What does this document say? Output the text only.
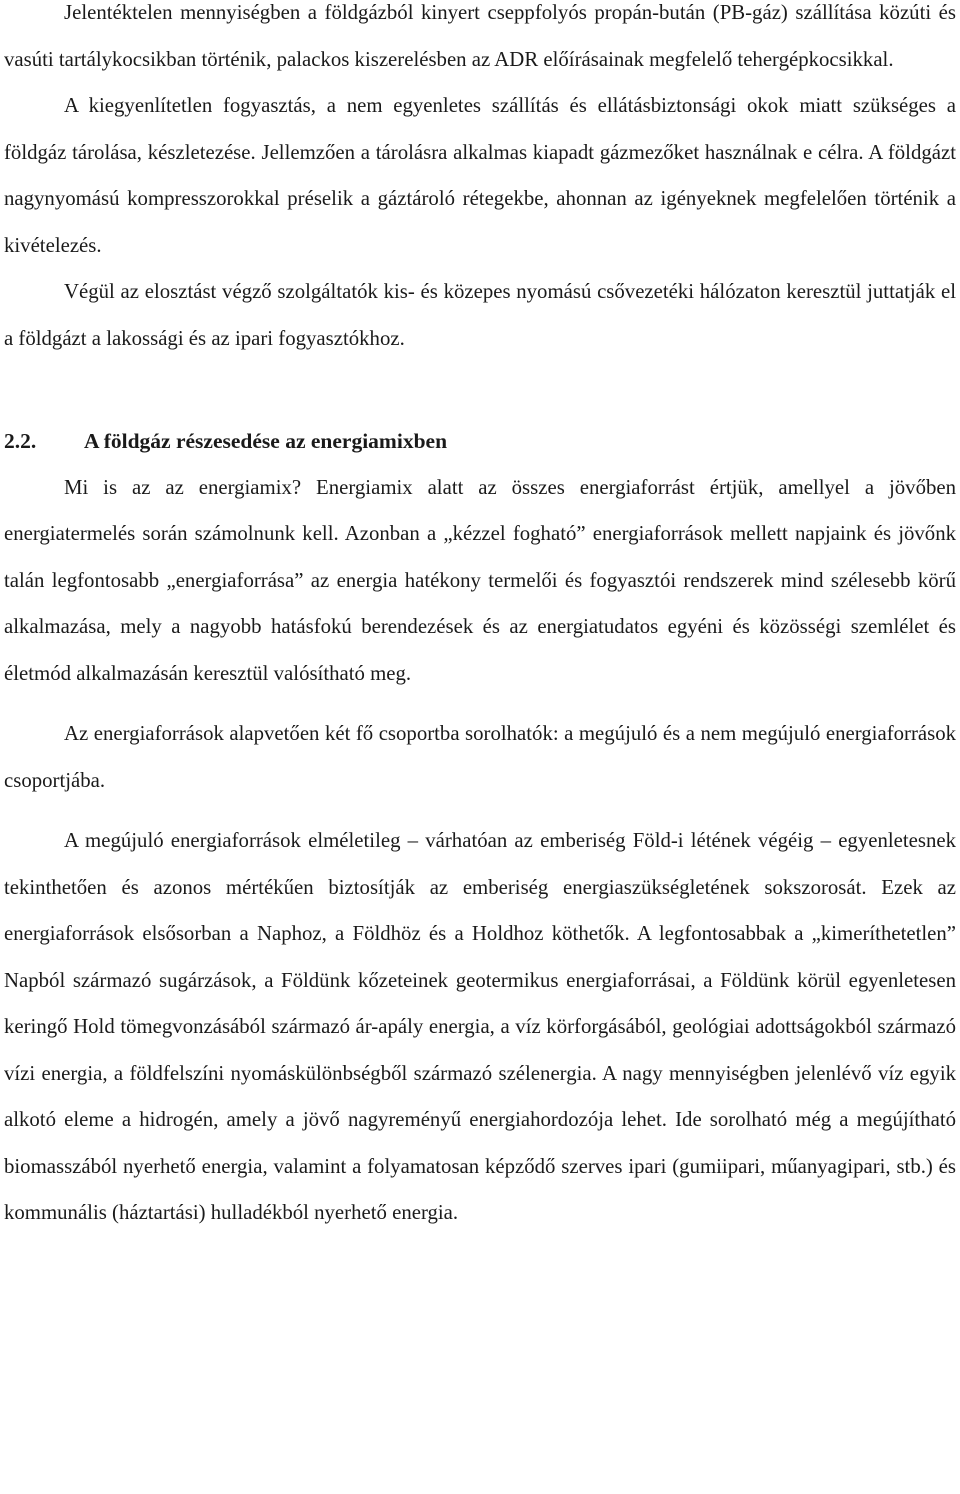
Jelentéktelen mennyiségben a földgázból kinyert cseppfolyós propán-bután (PB-gáz) szállítása közúti és vasúti tartálykocsikban történik, palackos kiszerelésben az ADR előírásainak megfelelő tehergépkocsikkal.

A kiegyenlítetlen fogyasztás, a nem egyenletes szállítás és ellátásbiztonsági okok miatt szükséges a földgáz tárolása, készletezése. Jellemzően a tárolásra alkalmas kiapadt gázmezőket használnak e célra. A földgázt nagynyomású kompresszorokkal préselik a gáztároló rétegekbe, ahonnan az igényeknek megfelelően történik a kivételezés.

Végül az elosztást végző szolgáltatók kis- és közepes nyomású csővezetéki hálózaton keresztül juttatják el a földgázt a lakossági és az ipari fogyasztókhoz.

2.2.	A földgáz részesedése az energiamixben

Mi is az az energiamix? Energiamix alatt az összes energiaforrást értjük, amellyel a jövőben energiatermelés során számolnunk kell. Azonban a „kézzel fogható” energiaforrások mellett napjaink és jövőnk talán legfontosabb „energiaforrása” az energia hatékony termelői és fogyasztói rendszerek mind szélesebb körű alkalmazása, mely a nagyobb hatásfokú berendezések és az energiatudatos egyéni és közösségi szemlélet és életmód alkalmazásán keresztül valósítható meg.

Az energiaforrások alapvetően két fő csoportba sorolhatók: a megújuló és a nem megújuló energiaforrások csoportjába.

A megújuló energiaforrások elméletileg – várhatóan az emberiség Föld-i létének végéig – egyenletesnek tekinthetően és azonos mértékűen biztosítják az emberiség energiaszükségletének sokszorosát. Ezek az energiaforrások elsősorban a Naphoz, a Földhöz és a Holdhoz köthetők. A legfontosabbak a „kimeríthetetlen” Napból származó sugárzások, a Földünk kőzeteinek geotermikus energiaforrásai, a Földünk körül egyenletesen keringő Hold tömegvonzásából származó ár-apály energia, a víz körforgásából, geológiai adottságokból származó vízi energia, a földfelszíni nyomáskülönbségből származó szélenergia. A nagy mennyiségben jelenlévő víz egyik alkotó eleme a hidrogén, amely a jövő nagyreményű energiahordozója lehet. Ide sorolható még a megújítható biomasszából nyerhető energia, valamint a folyamatosan képződő szerves ipari (gumiipari, műanyagipari, stb.) és kommunális (háztartási) hulladékból nyerhető energia.
